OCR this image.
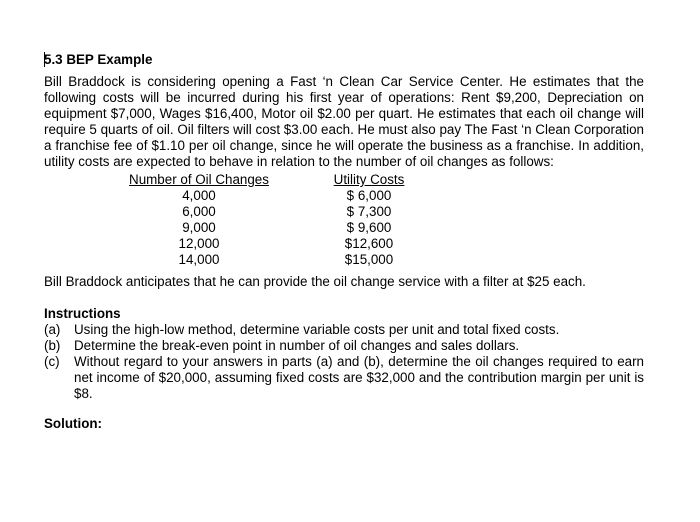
5.3 BEP Example

Bill Braddock is considering opening a Fast ‘n Clean Car Service Center. He estimates that the following costs will be incurred during his first year of operations: Rent $9,200, Depreciation on equipment $7,000, Wages $16,400, Motor oil $2.00 per quart. He estimates that each oil change will require 5 quarts of oil. Oil filters will cost $3.00 each. He must also pay The Fast ‘n Clean Corporation a franchise fee of $1.10 per oil change, since he will operate the business as a franchise. In addition, utility costs are expected to behave in relation to the number of oil changes as follows:

Number of Oil Changes
4,000
6,000
9,000
12,000
14,000
Utility Costs
$ 6,000
$ 7,300
$ 9,600
$12,600
$15,000

Bill Braddock anticipates that he can provide the oil change service with a filter at $25 each.

Instructions
(a) Using the high-low method, determine variable costs per unit and total fixed costs.
(b) Determine the break-even point in number of oil changes and sales dollars.
(c) Without regard to your answers in parts (a) and (b), determine the oil changes required to earn net income of $20,000, assuming fixed costs are $32,000 and the contribution margin per unit is $8.
Solution:
